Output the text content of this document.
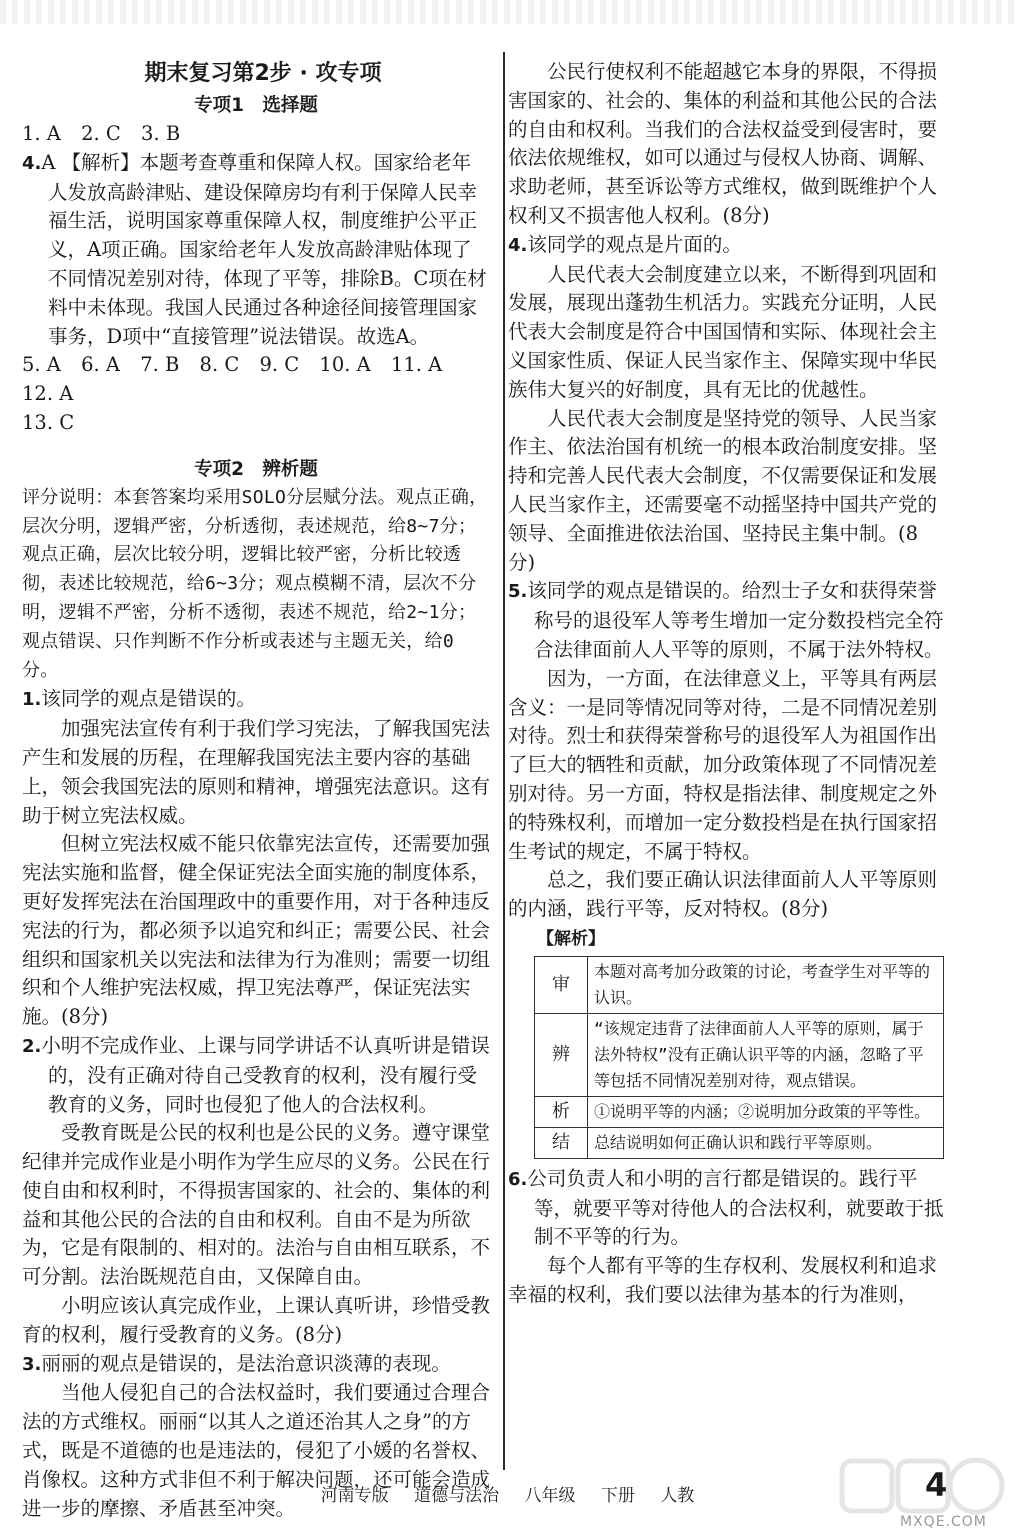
期末复习第2步 · 攻专项
专项1　选择题

1. A 2. C 3. B

4.A 【解析】本题考查尊重和保障人权。国家给老年人发放高龄津贴、建设保障房均有利于保障人民幸福生活，说明国家尊重保障人权，制度维护公平正义，A项正确。国家给老年人发放高龄津贴体现了不同情况差别对待，体现了平等，排除B。C项在材料中未体现。我国人民通过各种途径间接管理国家事务，D项中“直接管理”说法错误。故选A。

5. A 6. A 7. B 8. C 9. C 10. A 11. A 12. A

13. C

专项2　辨析题

评分说明：本套答案均采用SOLO分层赋分法。观点正确，层次分明，逻辑严密，分析透彻，表述规范，给8~7分；观点正确，层次比较分明，逻辑比较严密，分析比较透彻，表述比较规范，给6~3分；观点模糊不清，层次不分明，逻辑不严密，分析不透彻，表述不规范，给2~1分；观点错误、只作判断不作分析或表述与主题无关，给0分。

1.该同学的观点是错误的。

加强宪法宣传有利于我们学习宪法，了解我国宪法产生和发展的历程，在理解我国宪法主要内容的基础上，领会我国宪法的原则和精神，增强宪法意识。这有助于树立宪法权威。

但树立宪法权威不能只依靠宪法宣传，还需要加强宪法实施和监督，健全保证宪法全面实施的制度体系，更好发挥宪法在治国理政中的重要作用，对于各种违反宪法的行为，都必须予以追究和纠正；需要公民、社会组织和国家机关以宪法和法律为行为准则；需要一切组织和个人维护宪法权威，捍卫宪法尊严，保证宪法实施。(8分)

2.小明不完成作业、上课与同学讲话不认真听讲是错误的，没有正确对待自己受教育的权利，没有履行受教育的义务，同时也侵犯了他人的合法权利。

受教育既是公民的权利也是公民的义务。遵守课堂纪律并完成作业是小明作为学生应尽的义务。公民在行使自由和权利时，不得损害国家的、社会的、集体的利益和其他公民的合法的自由和权利。自由不是为所欲为，它是有限制的、相对的。法治与自由相互联系，不可分割。法治既规范自由，又保障自由。

小明应该认真完成作业，上课认真听讲，珍惜受教育的权利，履行受教育的义务。(8分)

3.丽丽的观点是错误的，是法治意识淡薄的表现。

当他人侵犯自己的合法权益时，我们要通过合理合法的方式维权。丽丽“以其人之道还治其人之身”的方式，既是不道德的也是违法的，侵犯了小媛的名誉权、肖像权。这种方式非但不利于解决问题，还可能会造成进一步的摩擦、矛盾甚至冲突。

公民行使权利不能超越它本身的界限，不得损害国家的、社会的、集体的利益和其他公民的合法的自由和权利。当我们的合法权益受到侵害时，要依法依规维权，如可以通过与侵权人协商、调解、求助老师，甚至诉讼等方式维权，做到既维护个人权利又不损害他人权利。(8分)

4.该同学的观点是片面的。

人民代表大会制度建立以来，不断得到巩固和发展，展现出蓬勃生机活力。实践充分证明，人民代表大会制度是符合中国国情和实际、体现社会主义国家性质、保证人民当家作主、保障实现中华民族伟大复兴的好制度，具有无比的优越性。

人民代表大会制度是坚持党的领导、人民当家作主、依法治国有机统一的根本政治制度安排。坚持和完善人民代表大会制度，不仅需要保证和发展人民当家作主，还需要毫不动摇坚持中国共产党的领导、全面推进依法治国、坚持民主集中制。(8分)

5.该同学的观点是错误的。给烈士子女和获得荣誉称号的退役军人等考生增加一定分数投档完全符合法律面前人人平等的原则，不属于法外特权。

因为，一方面，在法律意义上，平等具有两层含义：一是同等情况同等对待，二是不同情况差别对待。烈士和获得荣誉称号的退役军人为祖国作出了巨大的牺牲和贡献，加分政策体现了不同情况差别对待。另一方面，特权是指法律、制度规定之外的特殊权利，而增加一定分数投档是在执行国家招生考试的规定，不属于特权。

总之，我们要正确认识法律面前人人平等原则的内涵，践行平等，反对特权。(8分)

【解析】

审	本题对高考加分政策的讨论，考查学生对平等的认识。
辨	“该规定违背了法律面前人人平等的原则，属于法外特权”没有正确认识平等的内涵，忽略了平等包括不同情况差别对待，观点错误。
析	①说明平等的内涵；②说明加分政策的平等性。
结	总结说明如何正确认识和践行平等原则。

6.公司负责人和小明的言行都是错误的。践行平等，就要平等对待他人的合法权利，就要敢于抵制不平等的行为。

每个人都有平等的生存权利、发展权利和追求幸福的权利，我们要以法律为基本的行为准则，

河南专版 道德与法治 八年级 下册 人教	4
MXQE.COM
